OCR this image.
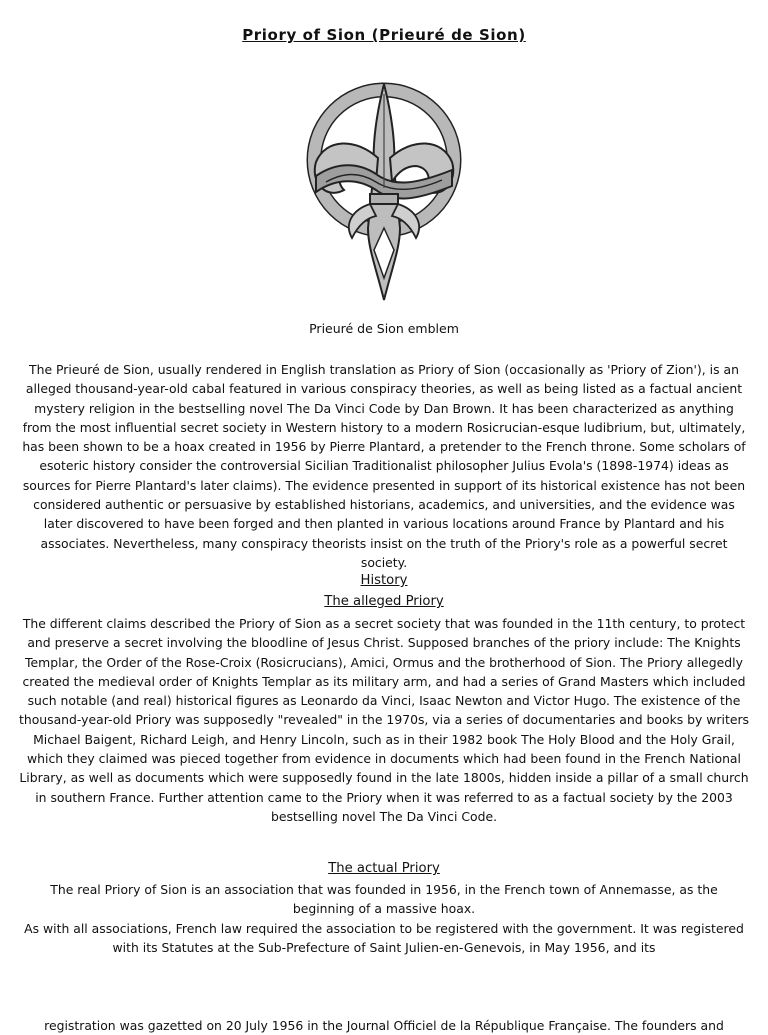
Priory of Sion (Prieuré de Sion)
Prieuré de Sion emblem
The Prieuré de Sion, usually rendered in English translation as Priory of Sion (occasionally as 'Priory of Zion'), is an alleged thousand-year-old cabal featured in various conspiracy theories, as well as being listed as a factual ancient mystery religion in the bestselling novel The Da Vinci Code by Dan Brown. It has been characterized as anything from the most influential secret society in Western history to a modern Rosicrucian-esque ludibrium, but, ultimately, has been shown to be a hoax created in 1956 by Pierre Plantard, a pretender to the French throne. Some scholars of esoteric history consider the controversial Sicilian Traditionalist philosopher Julius Evola's (1898-1974) ideas as sources for Pierre Plantard's later claims). The evidence presented in support of its historical existence has not been considered authentic or persuasive by established historians, academics, and universities, and the evidence was later discovered to have been forged and then planted in various locations around France by Plantard and his associates. Nevertheless, many conspiracy theorists insist on the truth of the Priory's role as a powerful secret society.
History
The alleged Priory
The different claims described the Priory of Sion as a secret society that was founded in the 11th century, to protect and preserve a secret involving the bloodline of Jesus Christ. Supposed branches of the priory include: The Knights Templar, the Order of the Rose-Croix (Rosicrucians), Amici, Ormus and the brotherhood of Sion. The Priory allegedly created the medieval order of Knights Templar as its military arm, and had a series of Grand Masters which included such notable (and real) historical figures as Leonardo da Vinci, Isaac Newton and Victor Hugo. The existence of the thousand-year-old Priory was supposedly "revealed" in the 1970s, via a series of documentaries and books by writers Michael Baigent, Richard Leigh, and Henry Lincoln, such as in their 1982 book The Holy Blood and the Holy Grail, which they claimed was pieced together from evidence in documents which had been found in the French National Library, as well as documents which were supposedly found in the late 1800s, hidden inside a pillar of a small church in southern France. Further attention came to the Priory when it was referred to as a factual society by the 2003 bestselling novel The Da Vinci Code.
The actual Priory
The real Priory of Sion is an association that was founded in 1956, in the French town of Annemasse, as the beginning of a massive hoax.
As with all associations, French law required the association to be registered with the government. It was registered with its Statutes at the Sub-Prefecture of Saint Julien-en-Genevois, in May 1956, and its
registration was gazetted on 20 July 1956 in the Journal Officiel de la République Française. The founders and
